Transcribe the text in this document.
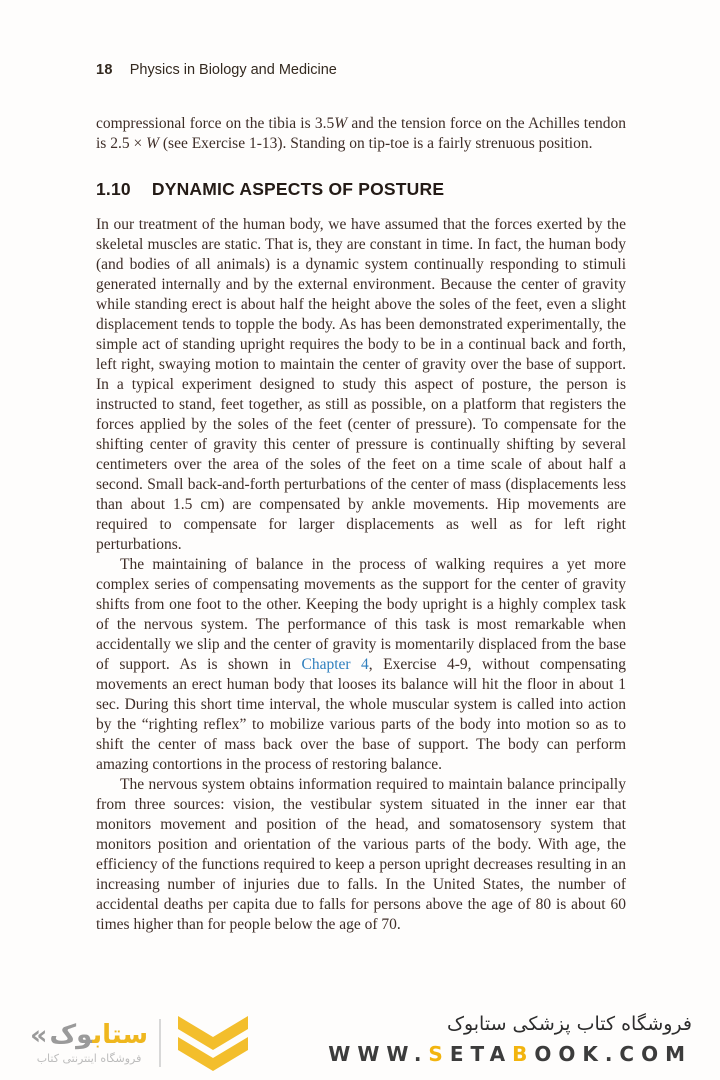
18 Physics in Biology and Medicine
compressional force on the tibia is 3.5W and the tension force on the Achilles tendon is 2.5 × W (see Exercise 1-13). Standing on tip-toe is a fairly strenuous position.
1.10 DYNAMIC ASPECTS OF POSTURE
In our treatment of the human body, we have assumed that the forces exerted by the skeletal muscles are static. That is, they are constant in time. In fact, the human body (and bodies of all animals) is a dynamic system continually responding to stimuli generated internally and by the external environment. Because the center of gravity while standing erect is about half the height above the soles of the feet, even a slight displacement tends to topple the body. As has been demonstrated experimentally, the simple act of standing upright requires the body to be in a continual back and forth, left right, swaying motion to maintain the center of gravity over the base of support. In a typical experiment designed to study this aspect of posture, the person is instructed to stand, feet together, as still as possible, on a platform that registers the forces applied by the soles of the feet (center of pressure). To compensate for the shifting center of gravity this center of pressure is continually shifting by several centimeters over the area of the soles of the feet on a time scale of about half a second. Small back-and-forth perturbations of the center of mass (displacements less than about 1.5 cm) are compensated by ankle movements. Hip movements are required to compensate for larger displacements as well as for left right perturbations.
The maintaining of balance in the process of walking requires a yet more complex series of compensating movements as the support for the center of gravity shifts from one foot to the other. Keeping the body upright is a highly complex task of the nervous system. The performance of this task is most remarkable when accidentally we slip and the center of gravity is momentarily displaced from the base of support. As is shown in Chapter 4, Exercise 4-9, without compensating movements an erect human body that looses its balance will hit the floor in about 1 sec. During this short time interval, the whole muscular system is called into action by the “righting reflex” to mobilize various parts of the body into motion so as to shift the center of mass back over the base of support. The body can perform amazing contortions in the process of restoring balance.
The nervous system obtains information required to maintain balance principally from three sources: vision, the vestibular system situated in the inner ear that monitors movement and position of the head, and somatosensory system that monitors position and orientation of the various parts of the body. With age, the efficiency of the functions required to keep a person upright decreases resulting in an increasing number of injuries due to falls. In the United States, the number of accidental deaths per capita due to falls for persons above the age of 80 is about 60 times higher than for people below the age of 70.
«	ستابوک
فروشگاه اینترنتی کتاب
فروشگاه کتاب پزشکی ستابوک
WWW.SETABOOK.COM
